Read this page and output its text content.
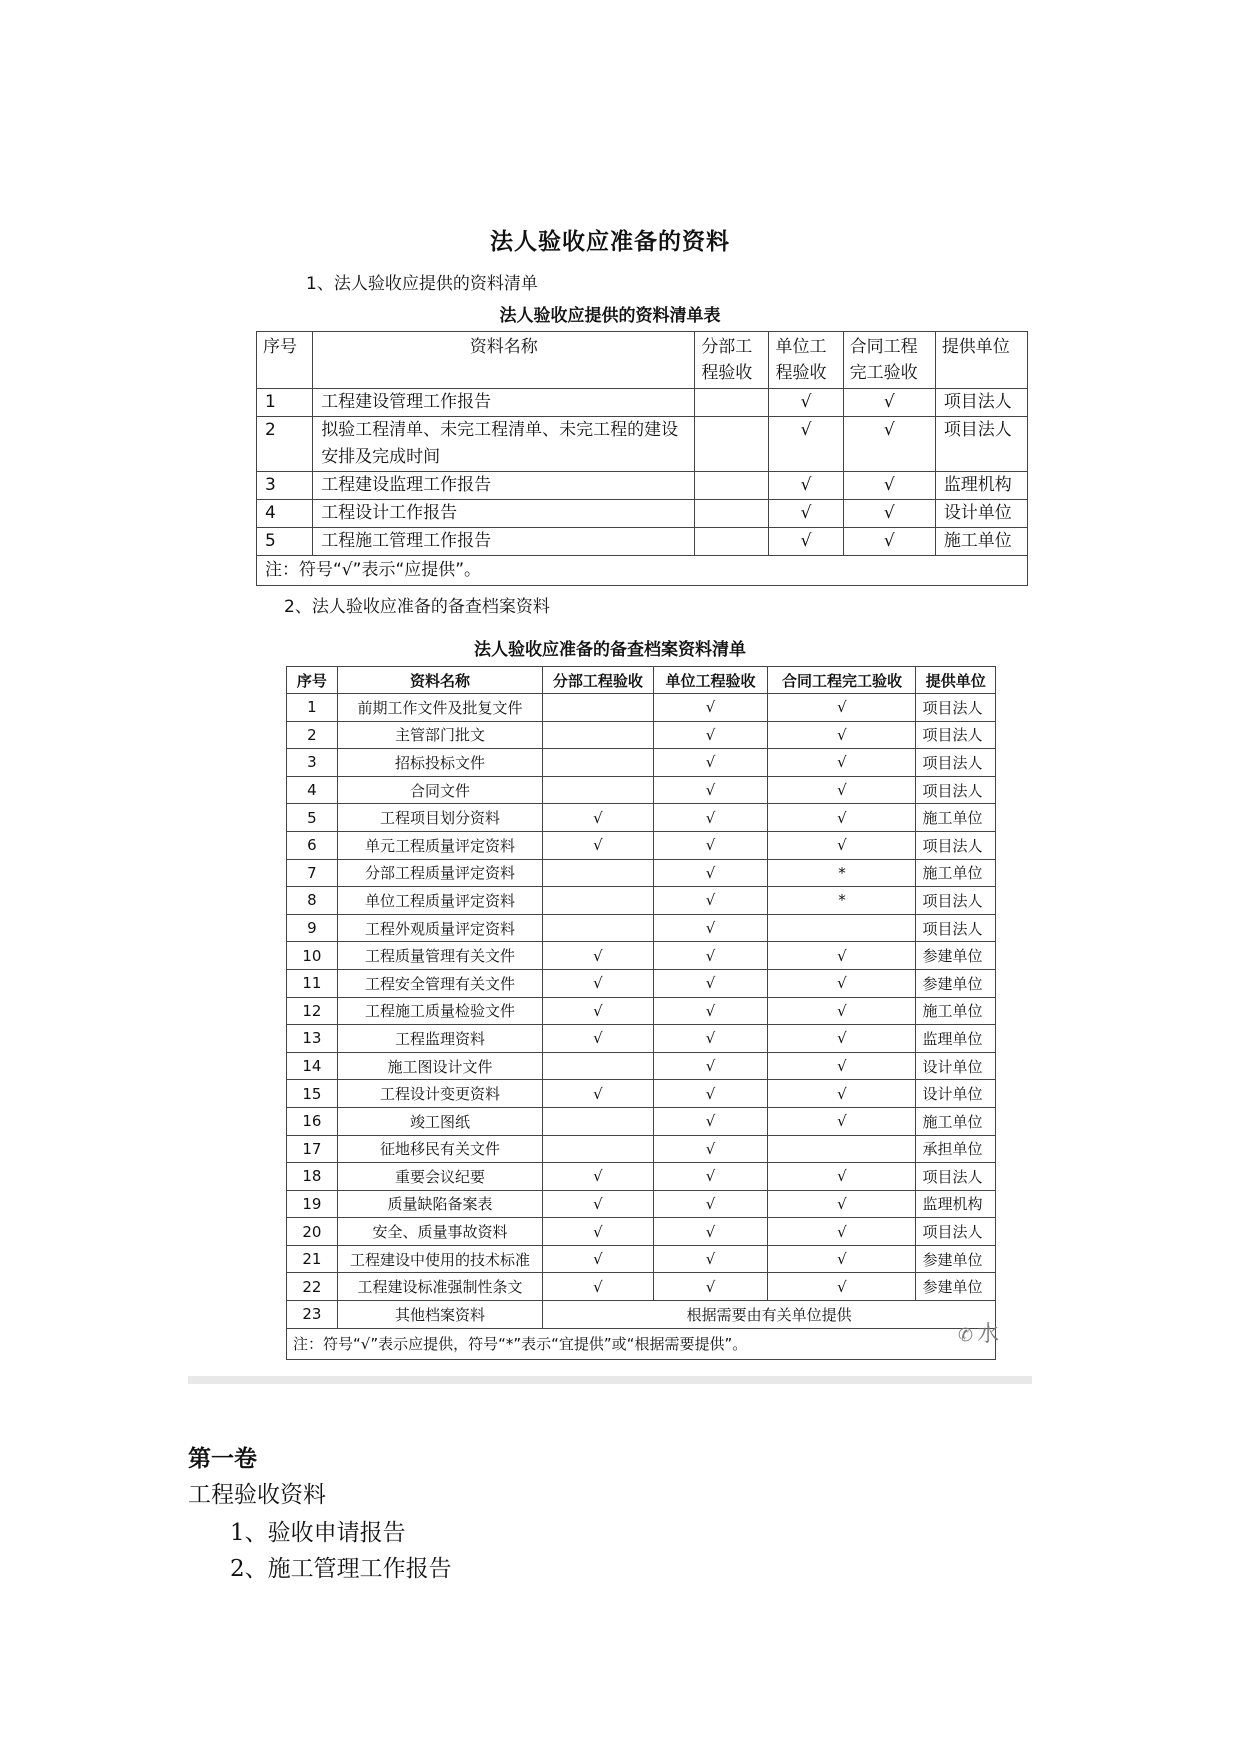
法人验收应准备的资料
1、法人验收应提供的资料清单
法人验收应提供的资料清单表
序号	资料名称	分部工程验收	单位工程验收	合同工程完工验收	提供单位
1	工程建设管理工作报告		√	√	项目法人
2	拟验工程清单、未完工程清单、未完工程的建设安排及完成时间		√	√	项目法人
3	工程建设监理工作报告		√	√	监理机构
4	工程设计工作报告		√	√	设计单位
5	工程施工管理工作报告		√	√	施工单位
注：符号“√”表示“应提供”。					
2、法人验收应准备的备查档案资料
法人验收应准备的备查档案资料清单
序号	资料名称	分部工程验收	单位工程验收	合同工程完工验收	提供单位
1	前期工作文件及批复文件		√	√	项目法人
2	主管部门批文		√	√	项目法人
3	招标投标文件		√	√	项目法人
4	合同文件		√	√	项目法人
5	工程项目划分资料	√	√	√	施工单位
6	单元工程质量评定资料	√	√	√	项目法人
7	分部工程质量评定资料		√	*	施工单位
8	单位工程质量评定资料		√	*	项目法人
9	工程外观质量评定资料		√		项目法人
10	工程质量管理有关文件	√	√	√	参建单位
11	工程安全管理有关文件	√	√	√	参建单位
12	工程施工质量检验文件	√	√	√	施工单位
13	工程监理资料	√	√	√	监理单位
14	施工图设计文件		√	√	设计单位
15	工程设计变更资料	√	√	√	设计单位
16	竣工图纸		√	√	施工单位
17	征地移民有关文件		√		承担单位
18	重要会议纪要	√	√	√	项目法人
19	质量缺陷备案表	√	√	√	监理机构
20	安全、质量事故资料	√	√	√	项目法人
21	工程建设中使用的技术标准	√	√	√	参建单位
22	工程建设标准强制性条文	√	√	√	参建单位
23	其他档案资料	根据需要由有关单位提供			
注：符号“√”表示应提供，符号“*”表示“宜提供”或“根据需要提供”。						✆ 水
第一卷
工程验收资料
1、验收申请报告
2、施工管理工作报告
